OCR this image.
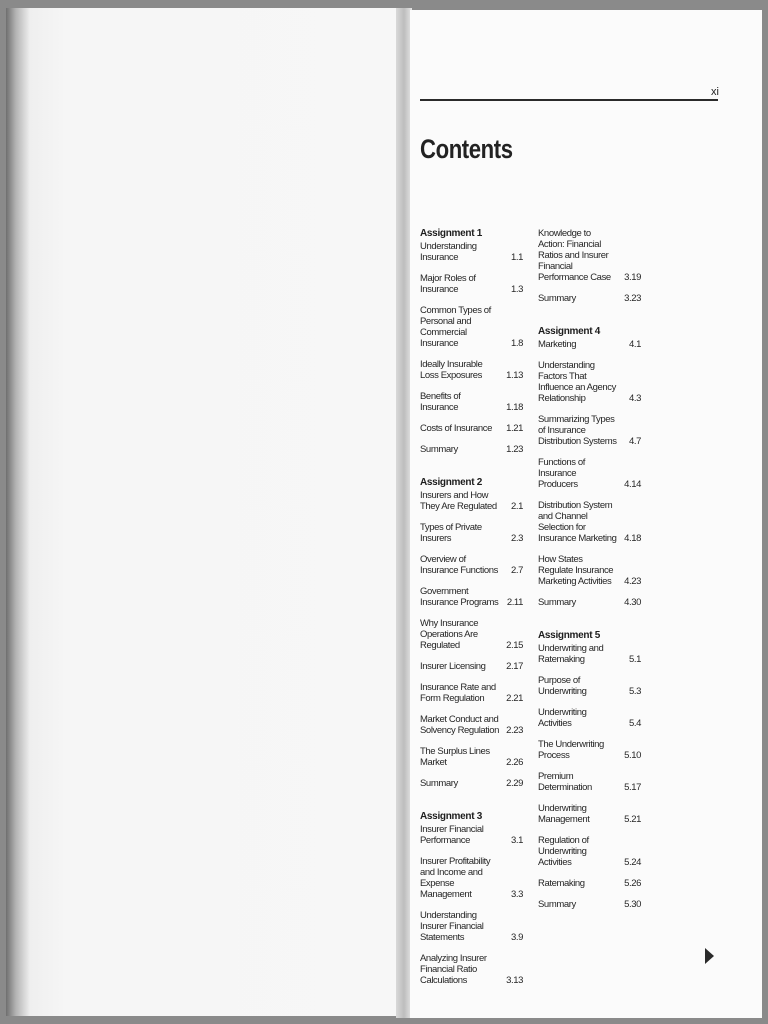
xi
Contents
Assignment 1
Understanding Insurance	1.1
Major Roles of Insurance	1.3
Common Types of Personal and Commercial Insurance	1.8
Ideally Insurable Loss Exposures	1.13
Benefits of Insurance	1.18
Costs of Insurance 1.21
Summary	1.23
Assignment 2
Insurers and How They Are Regulated 2.1
Types of Private Insurers	2.3
Overview of Insurance Functions 2.7
Government Insurance Programs 2.11
Why Insurance Operations Are Regulated	2.15
Insurer Licensing 2.17
Insurance Rate and Form Regulation 2.21
Market Conduct and Solvency Regulation 2.23
The Surplus Lines Market	2.26
Summary	2.29
Assignment 3
Insurer Financial Performance	3.1
Insurer Profitability and Income and Expense Management	3.3
Understanding Insurer Financial Statements	3.9
Analyzing Insurer Financial Ratio Calculations	3.13
Knowledge to Action: Financial Ratios and Insurer Financial Performance Case 3.19
Summary	3.23
Assignment 4
Marketing	4.1
Understanding Factors That Influence an Agency Relationship	4.3
Summarizing Types of Insurance Distribution Systems 4.7
Functions of Insurance Producers	4.14
Distribution System and Channel Selection for Insurance Marketing 4.18
How States Regulate Insurance Marketing Activities 4.23
Summary	4.30
Assignment 5
Underwriting and Ratemaking	5.1
Purpose of Underwriting	5.3
Underwriting Activities	5.4
The Underwriting Process	5.10
Premium Determination	5.17
Underwriting Management	5.21
Regulation of Underwriting Activities	5.24
Ratemaking	5.26
Summary	5.30
